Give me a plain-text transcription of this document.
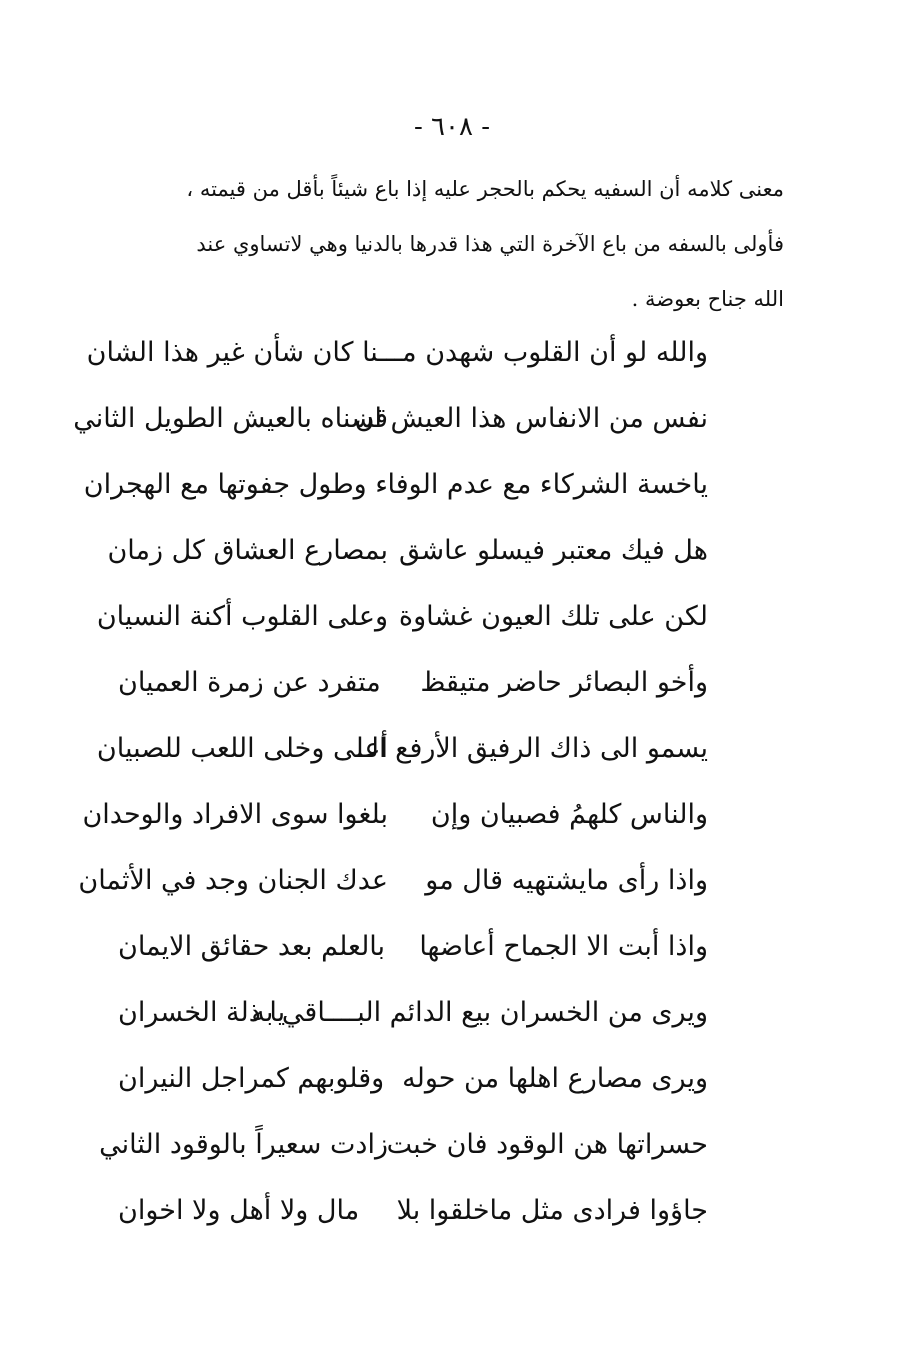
- ٦٠٨ -
معنى كلامه أن السفيه يحكم بالحجر عليه إذا باع شيئاً بأقل من قيمته ،
فأولى بالسفه من باع الآخرة التي هذا قدرها بالدنيا وهي لاتساوي عند
الله جناح بعوضة .
والله لو أن القلوب شهدن مـــنا كان شأن غير هذا الشان
نفس من الانفاس هذا العيش ان
قسناه بالعيش الطويل الثاني
ياخسة الشركاء مع عدم الوفا
ء وطول جفوتها مع الهجران
هل فيك معتبر فيسلو عاشق
بمصارع العشاق كل زمان
لكن على تلك العيون غشاوة
وعلى القلوب أكنة النسيان
وأخو البصائر حاضر متيقظ
متفرد عن زمرة العميان
يسمو الى ذاك الرفيق الأرفع الــ
أعلى وخلى اللعب للصبيان
والناس كلهمُ فصبيان وإن
بلغوا سوى الافراد والوحدان
واذا رأى مايشتهيه قال مو
عدك الجنان وجد في الأثمان
واذا أبت الا الجماح أعاضها
بالعلم بعد حقائق الايمان
ويرى من الخسران بيع الدائم البــــاقي به
يا ذلة الخسران
ويرى مصارع اهلها من حوله
وقلوبهم كمراجل النيران
حسراتها هن الوقود فان خبت
زادت سعيراً بالوقود الثاني
جاؤوا فرادى مثل ماخلقوا بلا
مال ولا أهل ولا اخوان
